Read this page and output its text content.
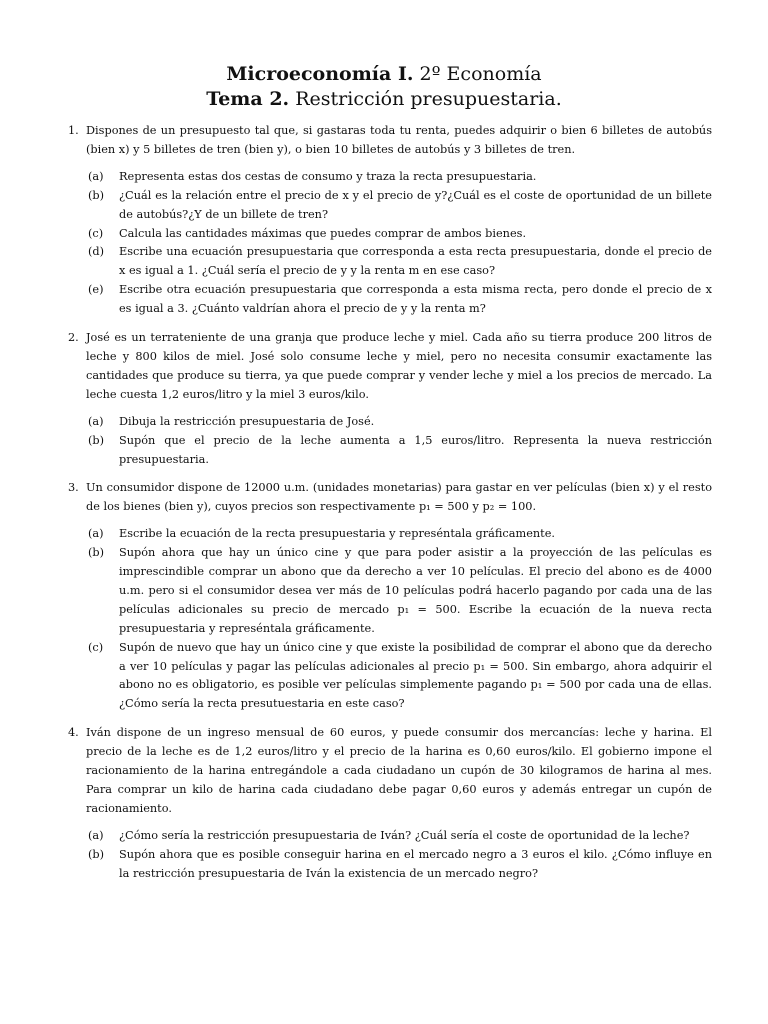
Microeconomía I. 2º Economía
Tema 2. Restricción presupuestaria.
1. Dispones de un presupuesto tal que, si gastaras toda tu renta, puedes adquirir o bien 6 billetes de autobús (bien x) y 5 billetes de tren (bien y), o bien 10 billetes de autobús y 3 billetes de tren.

(a)	Representa estas dos cestas de consumo y traza la recta presupuestaria.
(b)	¿Cuál es la relación entre el precio de x y el precio de y?¿Cuál es el coste de oportunidad de un billete de autobús?¿Y de un billete de tren?
(c)	Calcula las cantidades máximas que puedes comprar de ambos bienes.
(d)	Escribe una ecuación presupuestaria que corresponda a esta recta presupuestaria, donde el precio de x es igual a 1. ¿Cuál sería el precio de y y la renta m en ese caso?
(e)	Escribe otra ecuación presupuestaria que corresponda a esta misma recta, pero donde el precio de x es igual a 3. ¿Cuánto valdrían ahora el precio de y y la renta m?
2. José es un terrateniente de una granja que produce leche y miel. Cada año su tierra produce 200 litros de leche y 800 kilos de miel. José solo consume leche y miel, pero no necesita consumir exactamente las cantidades que produce su tierra, ya que puede comprar y vender leche y miel a los precios de mercado. La leche cuesta 1,2 euros/litro y la miel 3 euros/kilo.

(a)	Dibuja la restricción presupuestaria de José.
(b)	Supón que el precio de la leche aumenta a 1,5 euros/litro. Representa la nueva restricción presupuestaria.
3. Un consumidor dispone de 12000 u.m. (unidades monetarias) para gastar en ver películas (bien x) y el resto de los bienes (bien y), cuyos precios son respectivamente p₁ = 500 y p₂ = 100.

(a)	Escribe la ecuación de la recta presupuestaria y represéntala gráficamente.
(b)	Supón ahora que hay un único cine y que para poder asistir a la proyección de las películas es imprescindible comprar un abono que da derecho a ver 10 películas. El precio del abono es de 4000 u.m. pero si el consumidor desea ver más de 10 películas podrá hacerlo pagando por cada una de las películas adicionales su precio de mercado p₁ = 500. Escribe la ecuación de la nueva recta presupuestaria y represéntala gráficamente.
(c)	Supón de nuevo que hay un único cine y que existe la posibilidad de comprar el abono que da derecho a ver 10 películas y pagar las películas adicionales al precio p₁ = 500. Sin embargo, ahora adquirir el abono no es obligatorio, es posible ver películas simplemente pagando p₁ = 500 por cada una de ellas. ¿Cómo sería la recta presutuestaria en este caso?
4. Iván dispone de un ingreso mensual de 60 euros, y puede consumir dos mercancías: leche y harina. El precio de la leche es de 1,2 euros/litro y el precio de la harina es 0,60 euros/kilo. El gobierno impone el racionamiento de la harina entregándole a cada ciudadano un cupón de 30 kilogramos de harina al mes. Para comprar un kilo de harina cada ciudadano debe pagar 0,60 euros y además entregar un cupón de racionamiento.

(a)	¿Cómo sería la restricción presupuestaria de Iván? ¿Cuál sería el coste de oportunidad de la leche?
(b)	Supón ahora que es posible conseguir harina en el mercado negro a 3 euros el kilo. ¿Cómo influye en la restricción presupuestaria de Iván la existencia de un mercado negro?
